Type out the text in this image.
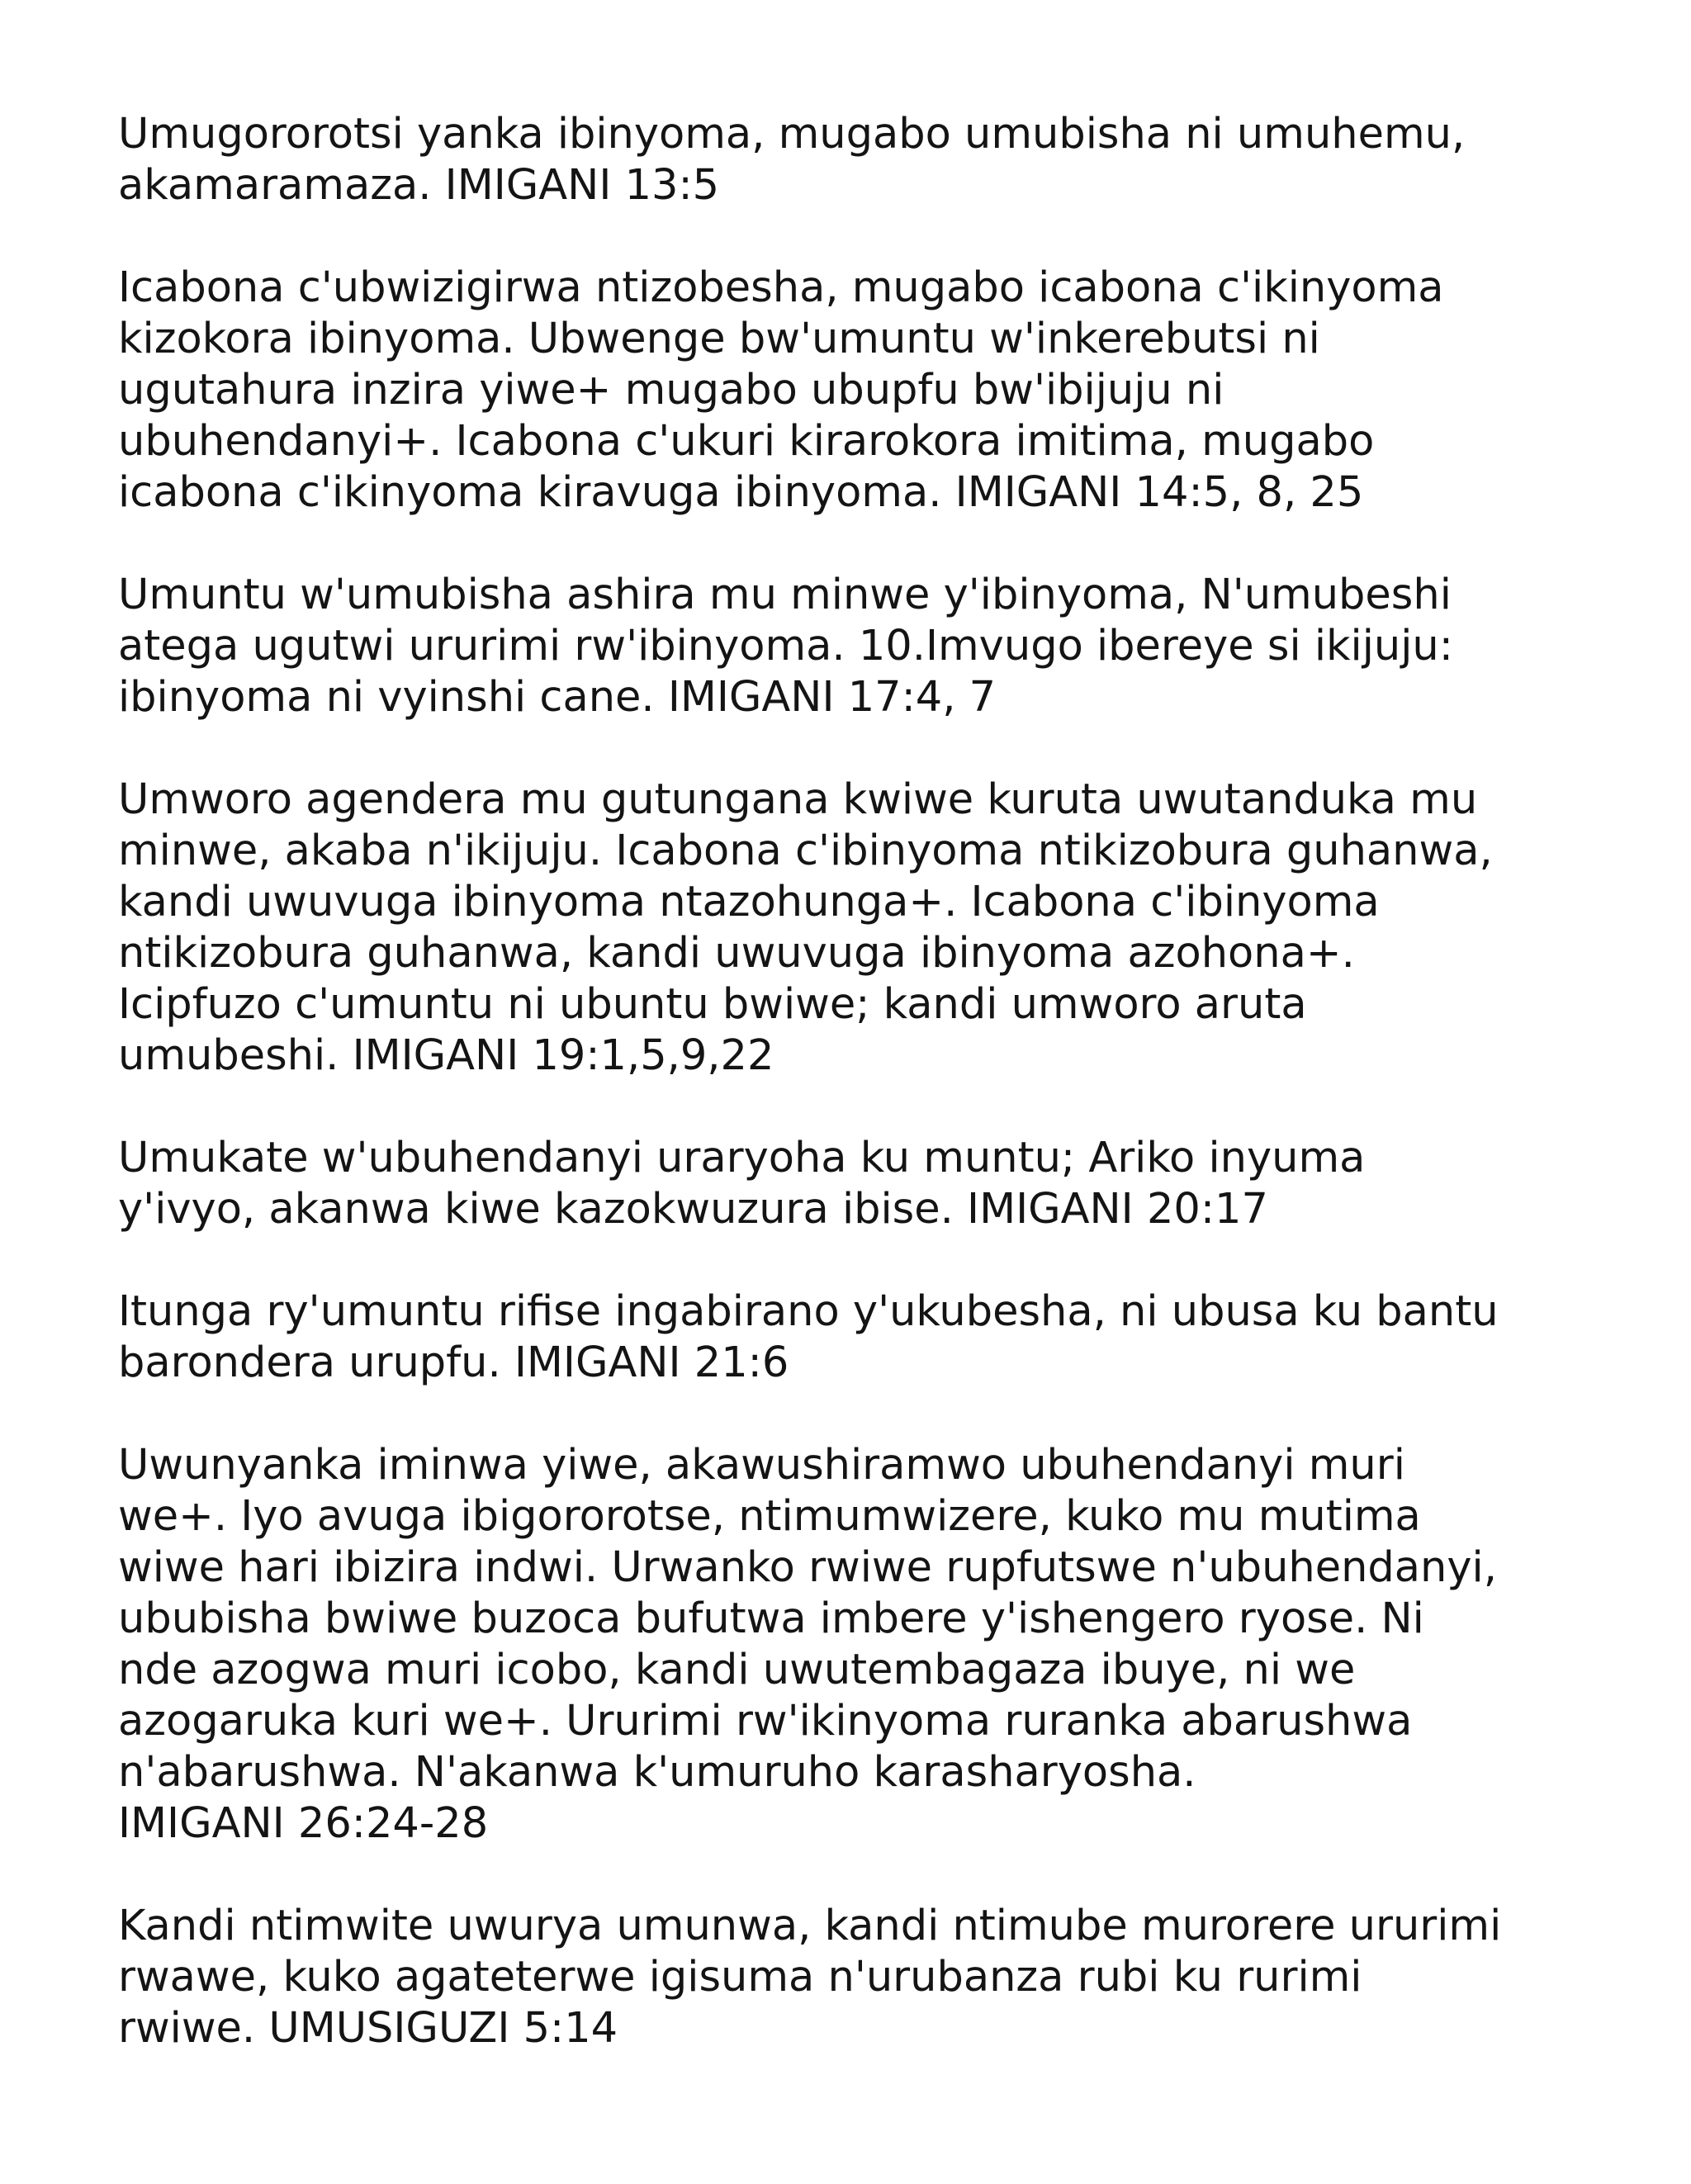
Umugororotsi yanka ibinyoma, mugabo umubisha ni umuhemu,
akamaramaza. IMIGANI 13:5

Icabona c'ubwizigirwa ntizobesha, mugabo icabona c'ikinyoma
kizokora ibinyoma. Ubwenge bw'umuntu w'inkerebutsi ni
ugutahura inzira yiwe+ mugabo ubupfu bw'ibijuju ni
ubuhendanyi+. Icabona c'ukuri kirarokora imitima, mugabo
icabona c'ikinyoma kiravuga ibinyoma. IMIGANI 14:5, 8, 25

Umuntu w'umubisha ashira mu minwe y'ibinyoma, N'umubeshi
atega ugutwi ururimi rw'ibinyoma. 10.Imvugo ibereye si ikijuju:
ibinyoma ni vyinshi cane. IMIGANI 17:4, 7

Umworo agendera mu gutungana kwiwe kuruta uwutanduka mu
minwe, akaba n'ikijuju. Icabona c'ibinyoma ntikizobura guhanwa,
kandi uwuvuga ibinyoma ntazohunga+. Icabona c'ibinyoma
ntikizobura guhanwa, kandi uwuvuga ibinyoma azohona+.
Icipfuzo c'umuntu ni ubuntu bwiwe; kandi umworo aruta
umubeshi. IMIGANI 19:1,5,9,22

Umukate w'ubuhendanyi uraryoha ku muntu; Ariko inyuma
y'ivyo, akanwa kiwe kazokwuzura ibise. IMIGANI 20:17

Itunga ry'umuntu rifise ingabirano y'ukubesha, ni ubusa ku bantu
barondera urupfu. IMIGANI 21:6

Uwunyanka iminwa yiwe, akawushiramwo ubuhendanyi muri
we+. Iyo avuga ibigororotse, ntimumwizere, kuko mu mutima
wiwe hari ibizira indwi. Urwanko rwiwe rupfutswe n'ubuhendanyi,
ububisha bwiwe buzoca bufutwa imbere y'ishengero ryose. Ni
nde azogwa muri icobo, kandi uwutembagaza ibuye, ni we
azogaruka kuri we+. Ururimi rw'ikinyoma ruranka abarushwa
n'abarushwa. N'akanwa k'umuruho karasharyosha.
IMIGANI 26:24-28

Kandi ntimwite uwurya umunwa, kandi ntimube murorere ururimi
rwawe, kuko agateterwe igisuma n'urubanza rubi ku rurimi
rwiwe. UMUSIGUZI 5:14
